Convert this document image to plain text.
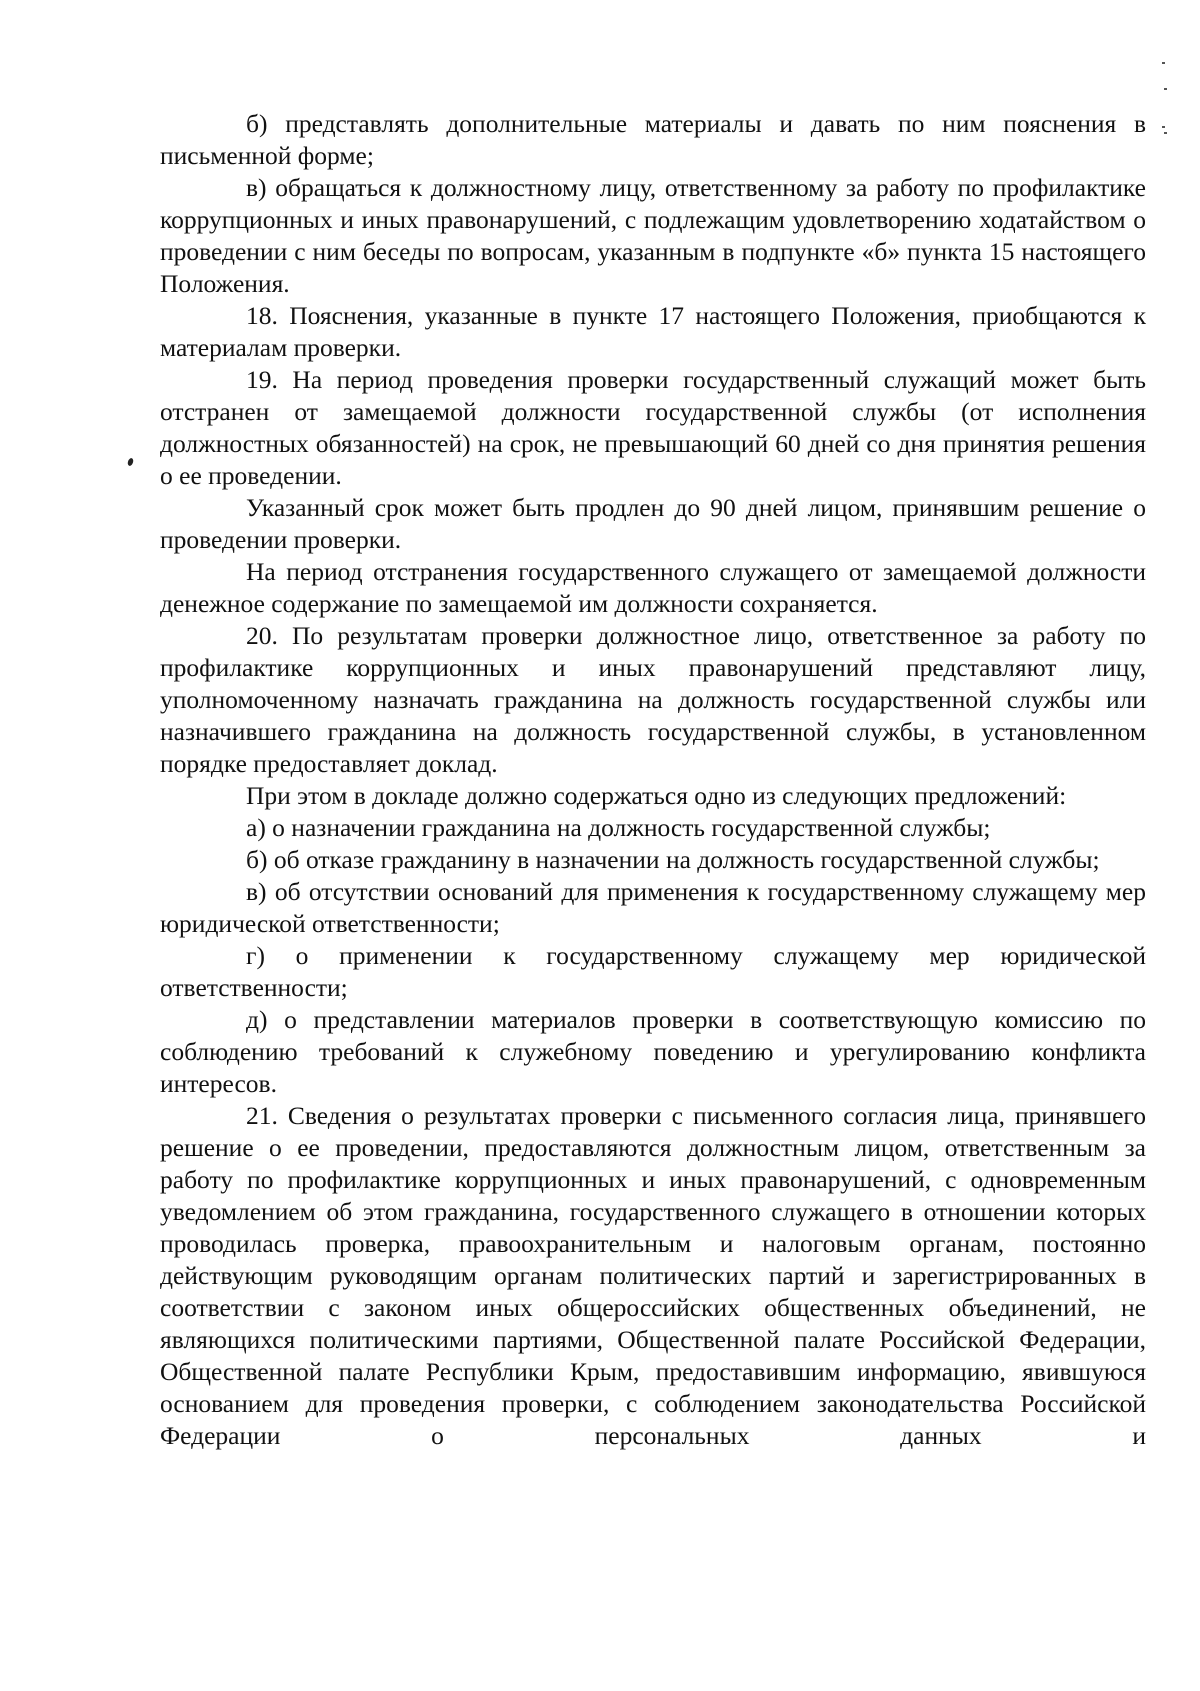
б) представлять дополнительные материалы и давать по ним пояснения в письменной форме;

в) обращаться к должностному лицу, ответственному за работу по профилактике коррупционных и иных правонарушений, с подлежащим удовлетворению ходатайством о проведении с ним беседы по вопросам, указанным в подпункте «б» пункта 15 настоящего Положения.

18. Пояснения, указанные в пункте 17 настоящего Положения, приобщаются к материалам проверки.

19. На период проведения проверки государственный служащий может быть отстранен от замещаемой должности государственной службы (от исполнения должностных обязанностей) на срок, не превышающий 60 дней со дня принятия решения о ее проведении.

Указанный срок может быть продлен до 90 дней лицом, принявшим решение о проведении проверки.

На период отстранения государственного служащего от замещаемой должности денежное содержание по замещаемой им должности сохраняется.

20. По результатам проверки должностное лицо, ответственное за работу по профилактике коррупционных и иных правонарушений представляют лицу, уполномоченному назначать гражданина на должность государственной службы или назначившего гражданина на должность государственной службы, в установленном порядке предоставляет доклад.

При этом в докладе должно содержаться одно из следующих предложений:

а) о назначении гражданина на должность государственной службы;

б) об отказе гражданину в назначении на должность государственной службы;

в) об отсутствии оснований для применения к государственному служащему мер юридической ответственности;

г) о применении к государственному служащему мер юридической ответственности;

д) о представлении материалов проверки в соответствующую комиссию по соблюдению требований к служебному поведению и урегулированию конфликта интересов.

21. Сведения о результатах проверки с письменного согласия лица, принявшего решение о ее проведении, предоставляются должностным лицом, ответственным за работу по профилактике коррупционных и иных правонарушений, с одновременным уведомлением об этом гражданина, государственного служащего в отношении которых проводилась проверка, правоохранительным и налоговым органам, постоянно действующим руководящим органам политических партий и зарегистрированных в соответствии с законом иных общероссийских общественных объединений, не являющихся политическими партиями, Общественной палате Российской Федерации, Общественной палате Республики Крым, предоставившим информацию, явившуюся основанием для проведения проверки, с соблюдением законодательства Российской Федерации о персональных данных и
